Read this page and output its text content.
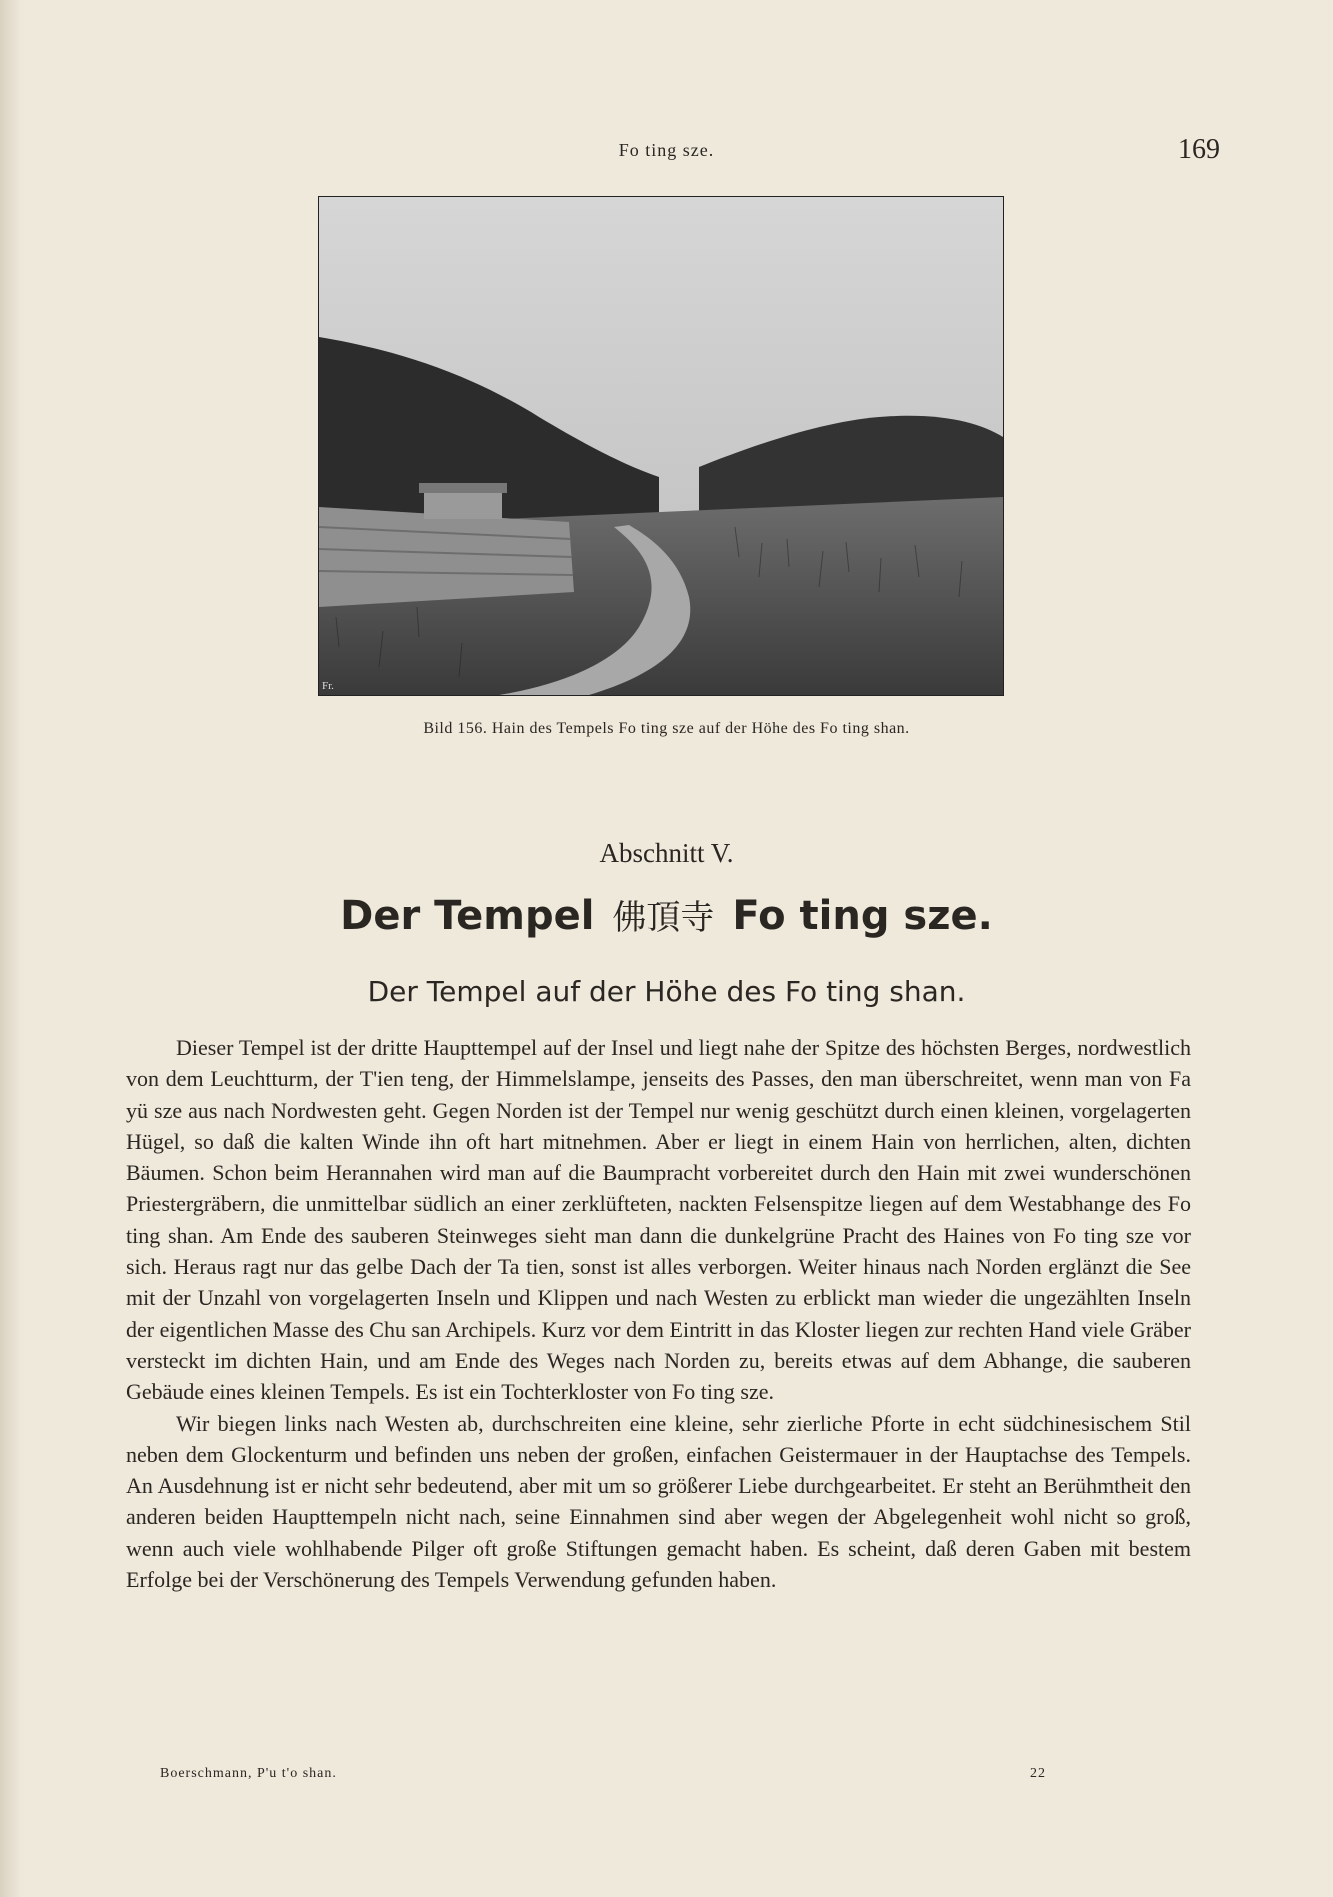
Fo ting sze.	169
Fr.
Bild 156. Hain des Tempels Fo ting sze auf der Höhe des Fo ting shan.
Abschnitt V.
Der Tempel 佛頂寺 Fo ting sze.
Der Tempel auf der Höhe des Fo ting shan.

Dieser Tempel ist der dritte Haupttempel auf der Insel und liegt nahe der Spitze des höchsten Berges, nordwestlich von dem Leuchtturm, der T'ien teng, der Himmelslampe, jenseits des Passes, den man überschreitet, wenn man von Fa yü sze aus nach Nordwesten geht. Gegen Norden ist der Tempel nur wenig geschützt durch einen kleinen, vorgelagerten Hügel, so daß die kalten Winde ihn oft hart mitnehmen. Aber er liegt in einem Hain von herrlichen, alten, dichten Bäumen. Schon beim Herannahen wird man auf die Baumpracht vorbereitet durch den Hain mit zwei wunderschönen Priestergräbern, die unmittelbar südlich an einer zerklüfteten, nackten Felsenspitze liegen auf dem Westabhange des Fo ting shan. Am Ende des sauberen Steinweges sieht man dann die dunkelgrüne Pracht des Haines von Fo ting sze vor sich. Heraus ragt nur das gelbe Dach der Ta tien, sonst ist alles verborgen. Weiter hinaus nach Norden erglänzt die See mit der Unzahl von vorgelagerten Inseln und Klippen und nach Westen zu erblickt man wieder die ungezählten Inseln der eigentlichen Masse des Chu san Archipels. Kurz vor dem Eintritt in das Kloster liegen zur rechten Hand viele Gräber versteckt im dichten Hain, und am Ende des Weges nach Norden zu, bereits etwas auf dem Abhange, die sauberen Gebäude eines kleinen Tempels. Es ist ein Tochterkloster von Fo ting sze.

Wir biegen links nach Westen ab, durchschreiten eine kleine, sehr zierliche Pforte in echt südchinesischem Stil neben dem Glockenturm und befinden uns neben der großen, einfachen Geistermauer in der Hauptachse des Tempels. An Ausdehnung ist er nicht sehr bedeutend, aber mit um so größerer Liebe durchgearbeitet. Er steht an Berühmtheit den anderen beiden Haupttempeln nicht nach, seine Einnahmen sind aber wegen der Abgelegenheit wohl nicht so groß, wenn auch viele wohlhabende Pilger oft große Stiftungen gemacht haben. Es scheint, daß deren Gaben mit bestem Erfolge bei der Verschönerung des Tempels Verwendung gefunden haben.

Boerschmann, P'u t'o shan.	22
